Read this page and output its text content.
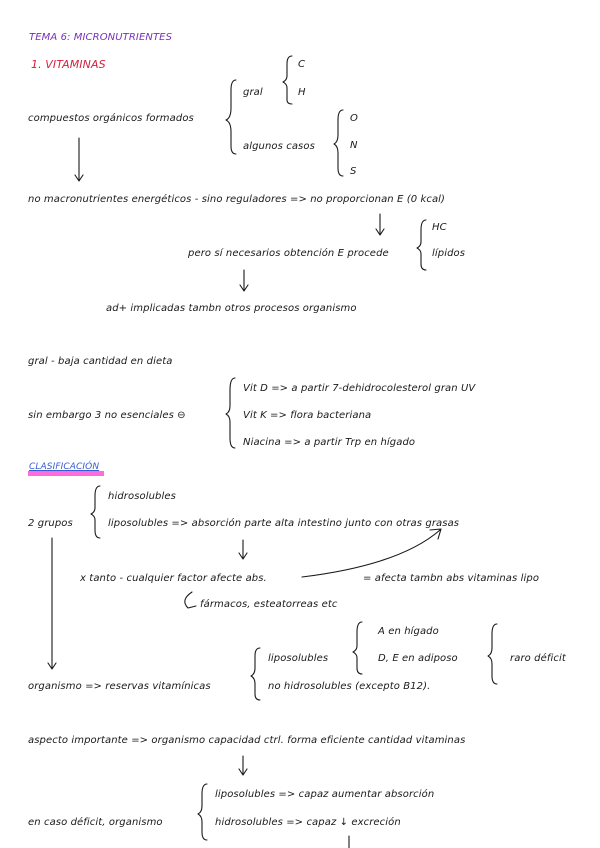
TEMA 6: MICRONUTRIENTES
1. VITAMINAS
compuestos orgánicos formados
gral
C
H
algunos casos
O
N
S
no macronutrientes energéticos - sino reguladores => no proporcionan E (0 kcal)
HC
lípidos
pero sí necesarios obtención E procede
ad+ implicadas tambn otros procesos organismo
gral - baja cantidad en dieta
sin embargo 3 no esenciales ⊖
Vit D => a partir 7-dehidrocolesterol gran UV
Vit K => flora bacteriana
Niacina => a partir Trp en hígado
CLASIFICACIÓN
hidrosolubles
2 grupos	liposolubles => absorción parte alta intestino junto con otras grasas
x tanto - cualquier factor afecte abs.	= afecta tambn abs vitaminas lipo
fármacos, esteatorreas etc
A en hígado
liposolubles	D, E en adiposo	raro déficit
organismo => reservas vitamínicas	no hidrosolubles (excepto B12).
aspecto importante => organismo capacidad ctrl. forma eficiente cantidad vitaminas
liposolubles => capaz aumentar absorción
en caso déficit, organismo	hidrosolubles => capaz ↓ excreción
